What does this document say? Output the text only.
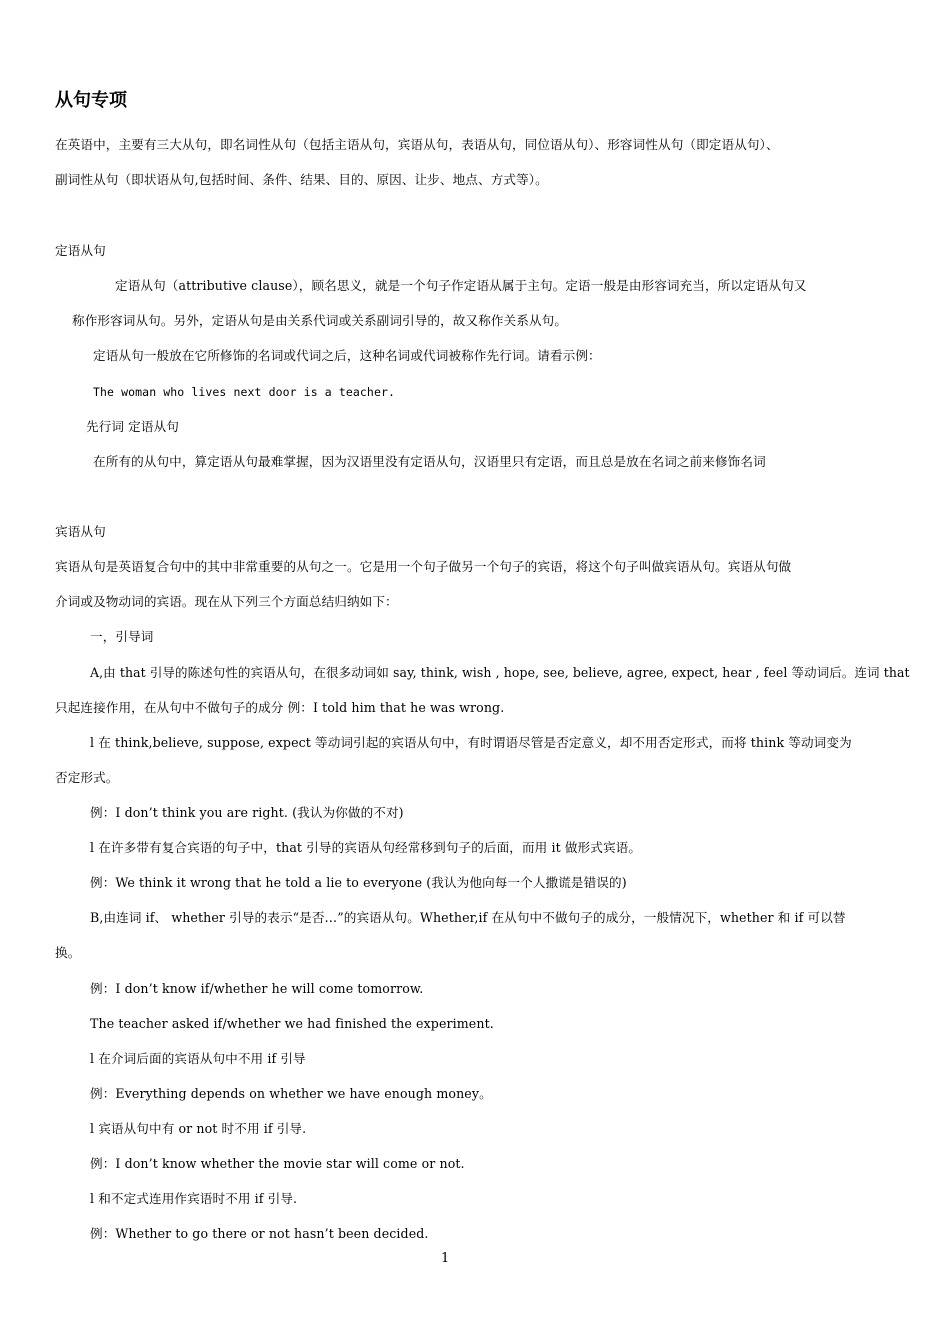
从句专项
在英语中，主要有三大从句，即名词性从句（包括主语从句，宾语从句，表语从句，同位语从句）、形容词性从句（即定语从句）、
副词性从句（即状语从句,包括时间、条件、结果、目的、原因、让步、地点、方式等）。
定语从句
定语从句（attributive clause），顾名思义，就是一个句子作定语从属于主句。定语一般是由形容词充当，所以定语从句又
称作形容词从句。另外，定语从句是由关系代词或关系副词引导的，故又称作关系从句。
定语从句一般放在它所修饰的名词或代词之后，这种名词或代词被称作先行词。请看示例：
The woman who lives next door is a teacher.
先行词 定语从句
在所有的从句中，算定语从句最难掌握，因为汉语里没有定语从句，汉语里只有定语，而且总是放在名词之前来修饰名词
宾语从句
宾语从句是英语复合句中的其中非常重要的从句之一。它是用一个句子做另一个句子的宾语，将这个句子叫做宾语从句。宾语从句做
介词或及物动词的宾语。现在从下列三个方面总结归纳如下：
一，引导词
A,由 that 引导的陈述句性的宾语从句，在很多动词如 say, think, wish , hope, see, believe, agree, expect, hear , feel 等动词后。连词 that
只起连接作用，在从句中不做句子的成分 例：I told him that he was wrong.
l 在 think,believe, suppose, expect 等动词引起的宾语从句中，有时谓语尽管是否定意义，却不用否定形式，而将 think 等动词变为
否定形式。
例：I don’t think you are right. (我认为你做的不对)
l 在许多带有复合宾语的句子中，that 引导的宾语从句经常移到句子的后面，而用 it 做形式宾语。
例：We think it wrong that he told a lie to everyone (我认为他向每一个人撒谎是错误的)
B,由连词 if、 whether 引导的表示“是否…”的宾语从句。Whether,if 在从句中不做句子的成分，一般情况下，whether 和 if 可以替
换。
例：I don’t know if/whether he will come tomorrow.
The teacher asked if/whether we had finished the experiment.
l 在介词后面的宾语从句中不用 if 引导
例：Everything depends on whether we have enough money。
l 宾语从句中有 or not 时不用 if 引导.
例：I don’t know whether the movie star will come or not.
l 和不定式连用作宾语时不用 if 引导.
例：Whether to go there or not hasn’t been decided.
1
